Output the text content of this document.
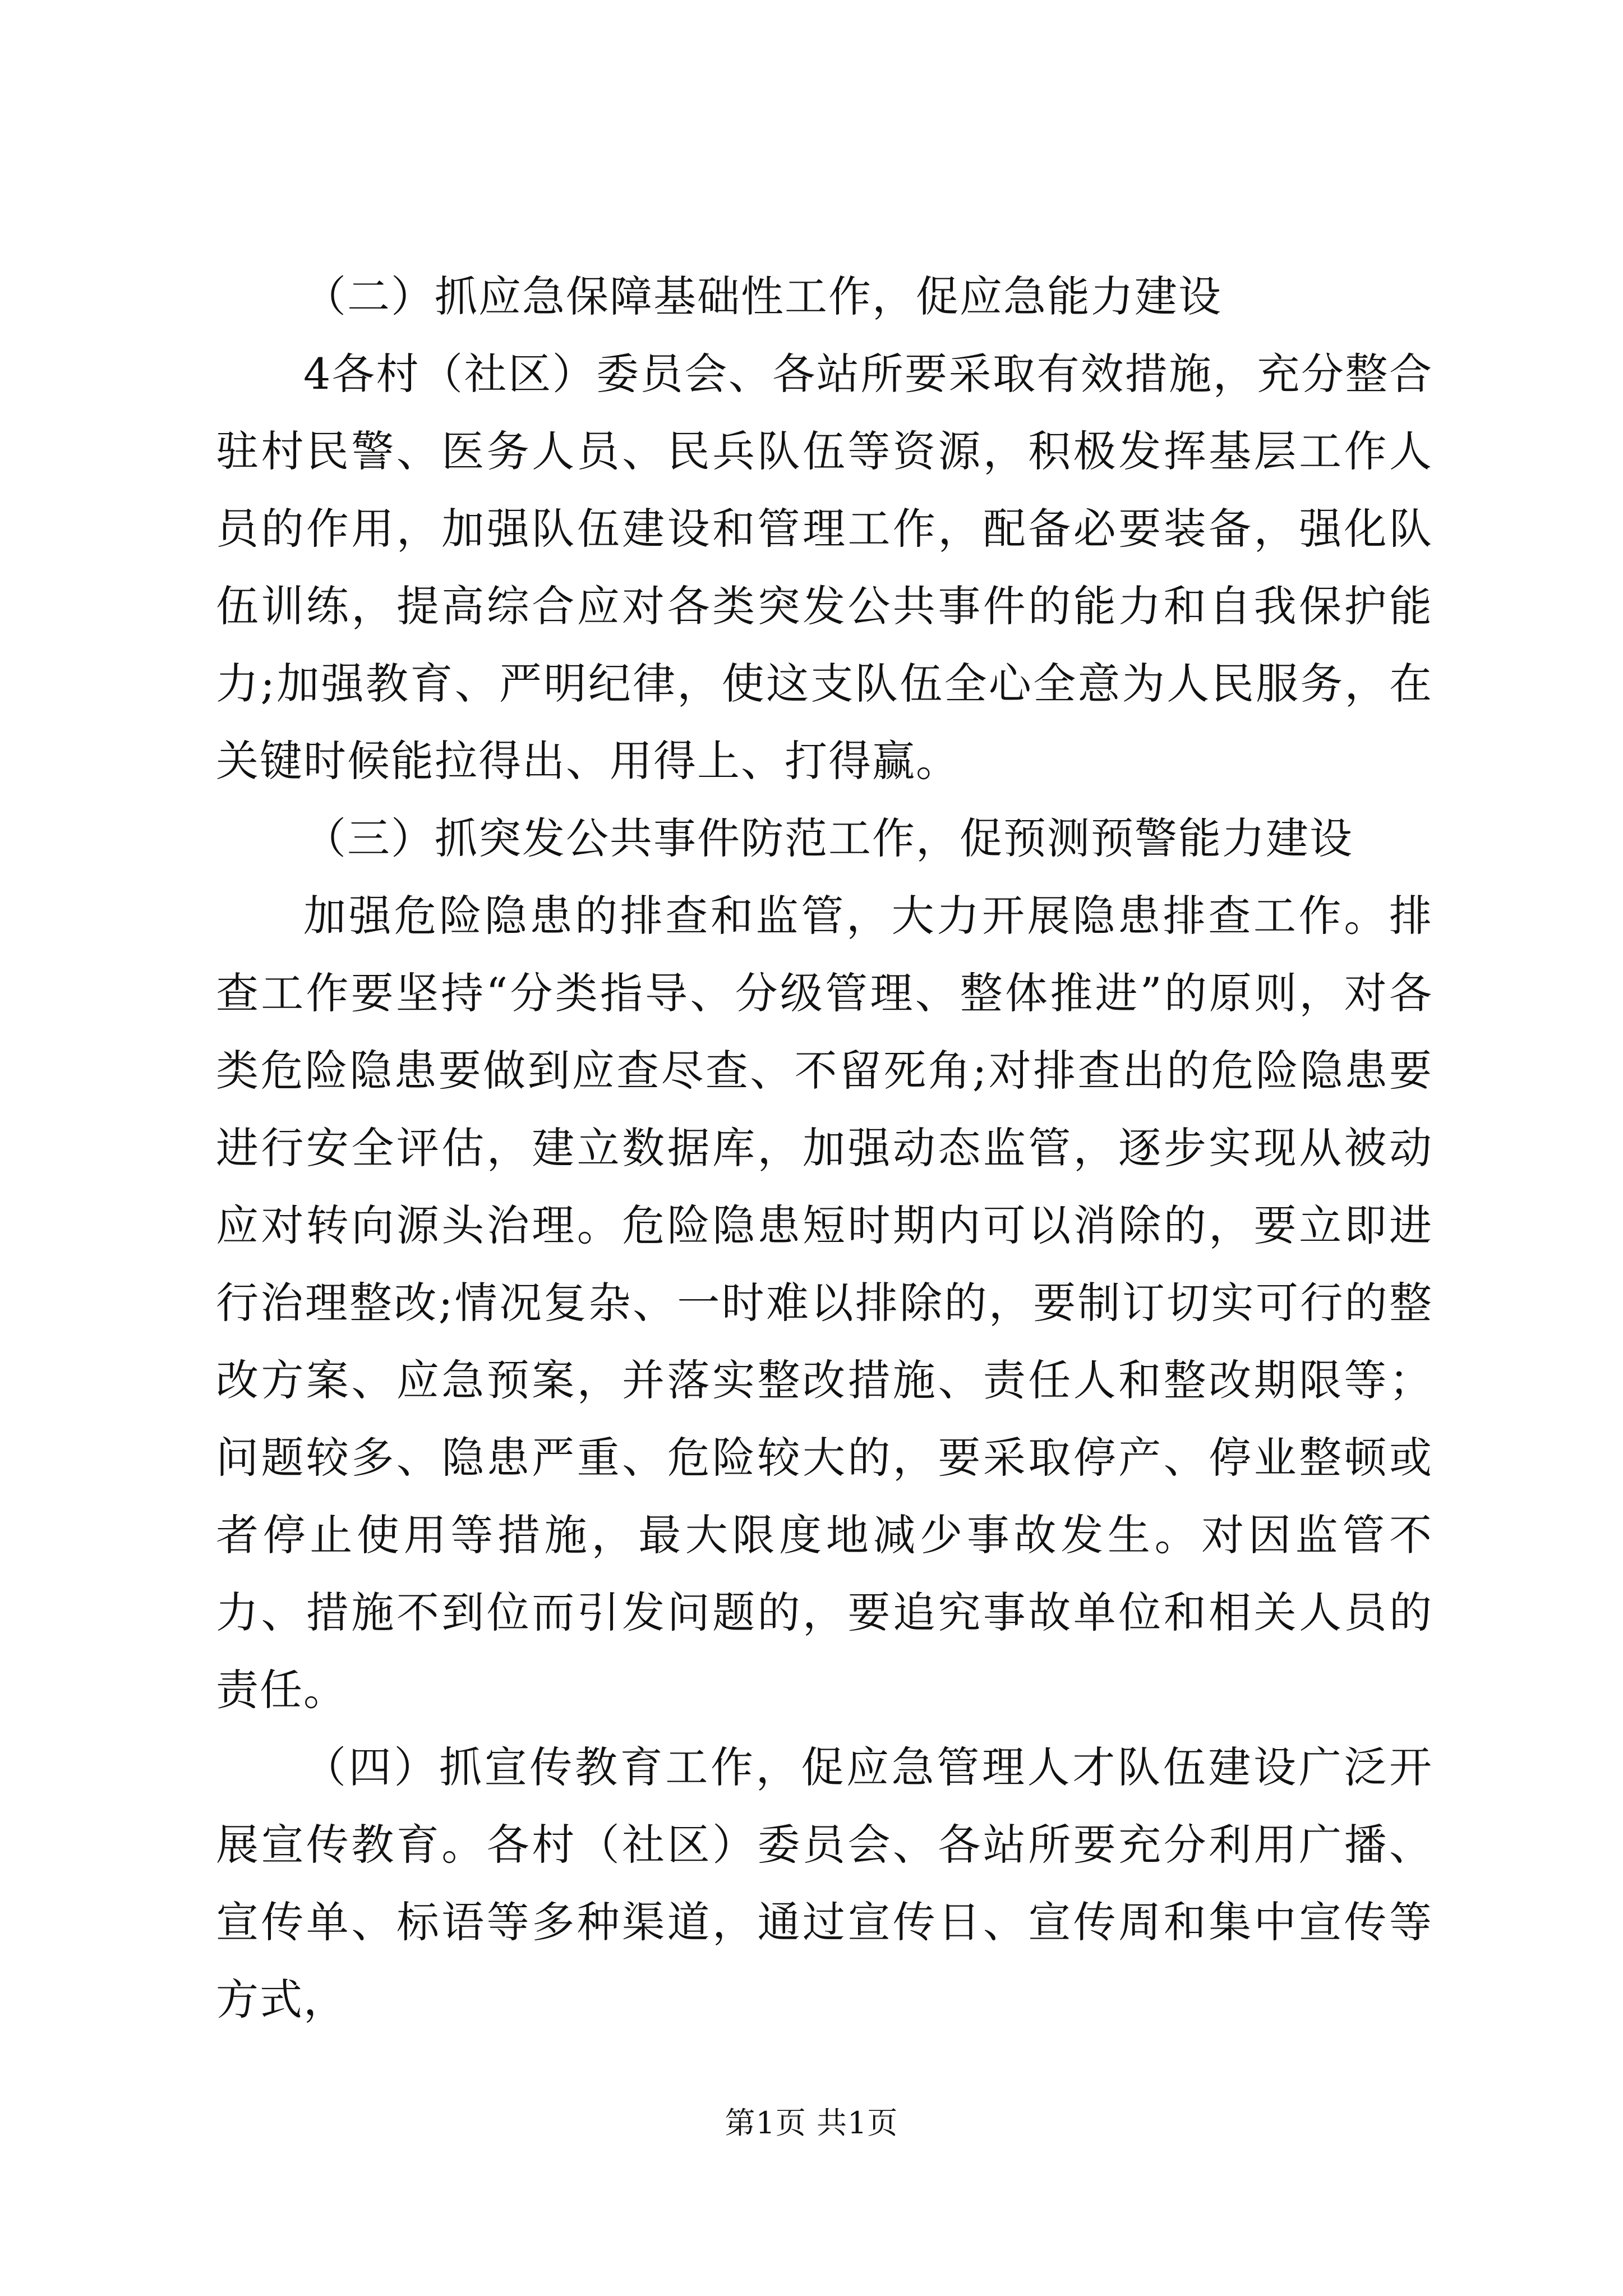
（二）抓应急保障基础性工作，促应急能力建设

4各村（社区）委员会、各站所要采取有效措施，充分整合驻村民警、医务人员、民兵队伍等资源，积极发挥基层工作人员的作用，加强队伍建设和管理工作，配备必要装备，强化队伍训练，提高综合应对各类突发公共事件的能力和自我保护能力;加强教育、严明纪律，使这支队伍全心全意为人民服务，在关键时候能拉得出、用得上、打得赢。

（三）抓突发公共事件防范工作，促预测预警能力建设

加强危险隐患的排查和监管，大力开展隐患排查工作。排查工作要坚持“分类指导、分级管理、整体推进”的原则，对各类危险隐患要做到应查尽查、不留死角;对排查出的危险隐患要进行安全评估，建立数据库，加强动态监管，逐步实现从被动应对转向源头治理。危险隐患短时期内可以消除的，要立即进行治理整改;情况复杂、一时难以排除的，要制订切实可行的整改方案、应急预案，并落实整改措施、责任人和整改期限等；问题较多、隐患严重、危险较大的，要采取停产、停业整顿或者停止使用等措施，最大限度地减少事故发生。对因监管不力、措施不到位而引发问题的，要追究事故单位和相关人员的责任。

（四）抓宣传教育工作，促应急管理人才队伍建设广泛开展宣传教育。各村（社区）委员会、各站所要充分利用广播、宣传单、标语等多种渠道，通过宣传日、宣传周和集中宣传等方式，

第1页 共1页
